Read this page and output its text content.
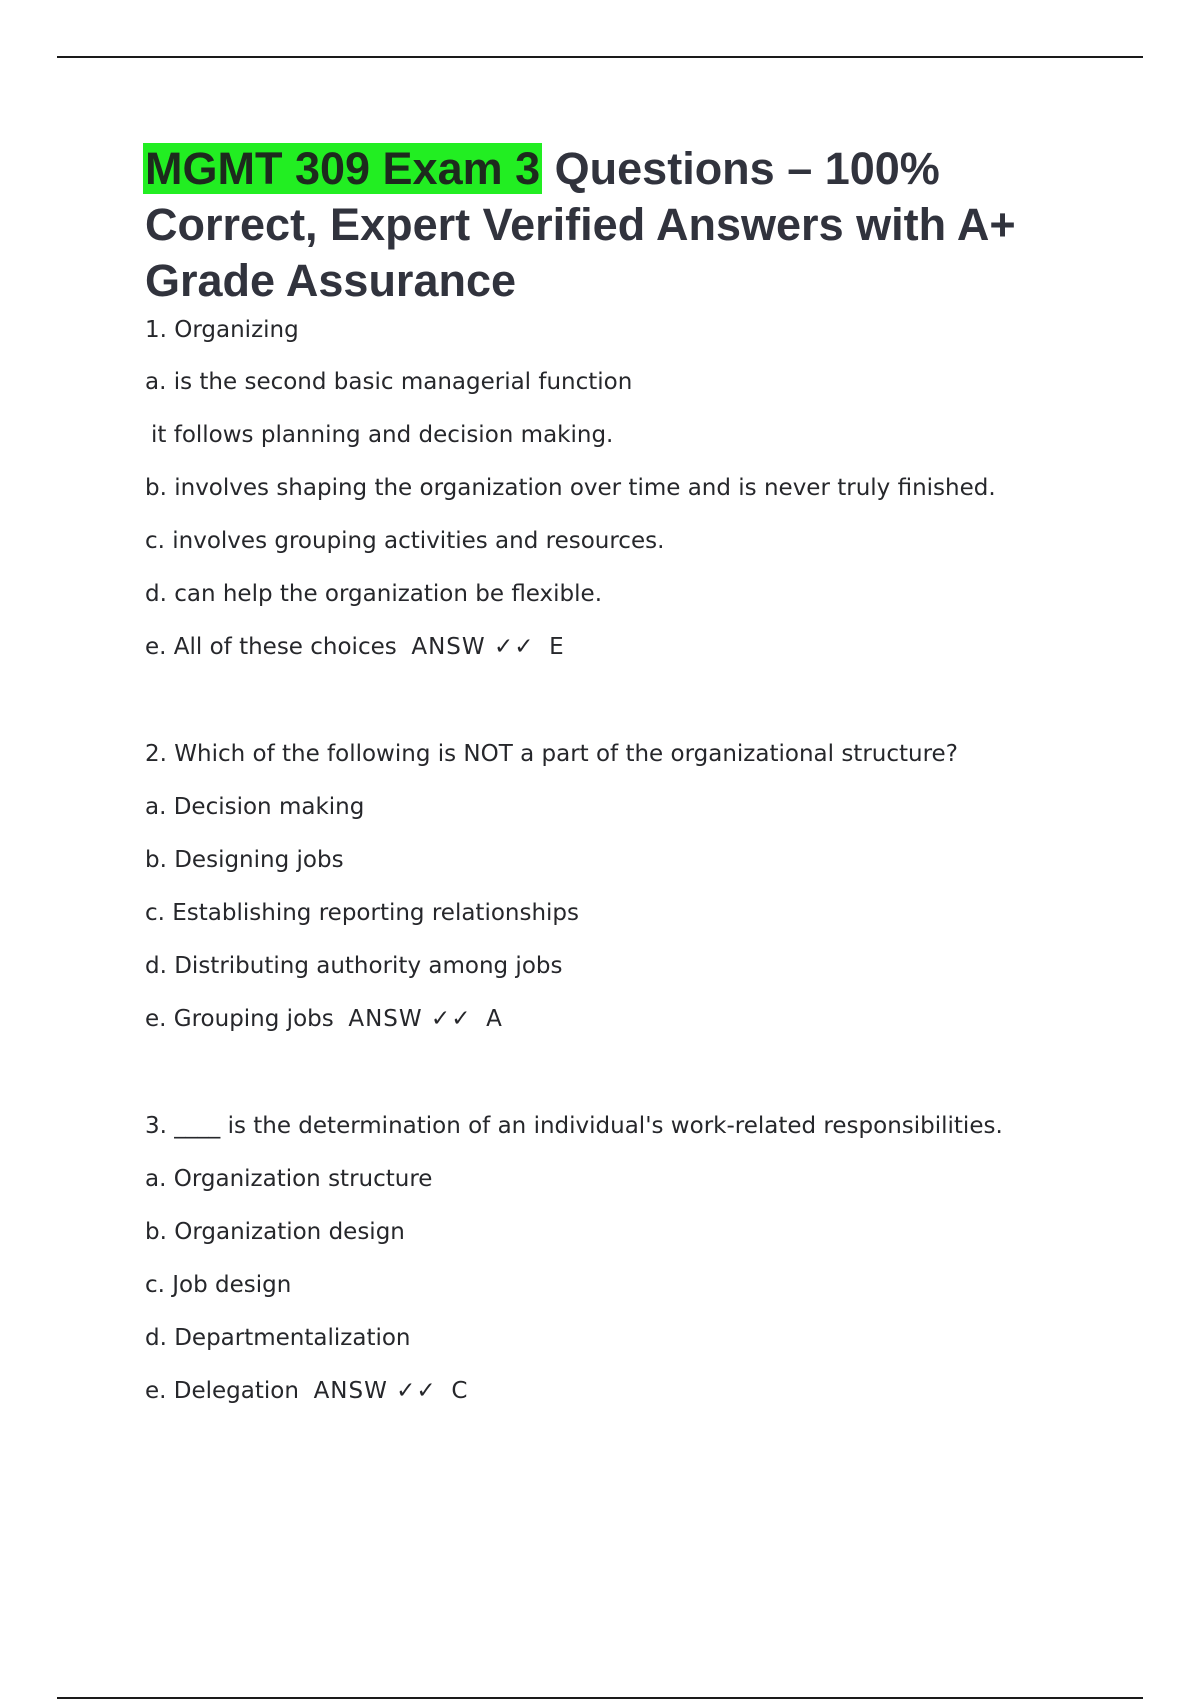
MGMT 309 Exam 3 Questions – 100% Correct, Expert Verified Answers with A+ Grade Assurance
1. Organizing
a. is the second basic managerial function
it follows planning and decision making.
b. involves shaping the organization over time and is never truly finished.
c. involves grouping activities and resources.
d. can help the organization be flexible.
e. All of these choices ANSW ✓✓ E
2. Which of the following is NOT a part of the organizational structure?
a. Decision making
b. Designing jobs
c. Establishing reporting relationships
d. Distributing authority among jobs
e. Grouping jobs ANSW ✓✓ A
3. ____ is the determination of an individual's work-related responsibilities.
a. Organization structure
b. Organization design
c. Job design
d. Departmentalization
e. Delegation ANSW ✓✓ C
